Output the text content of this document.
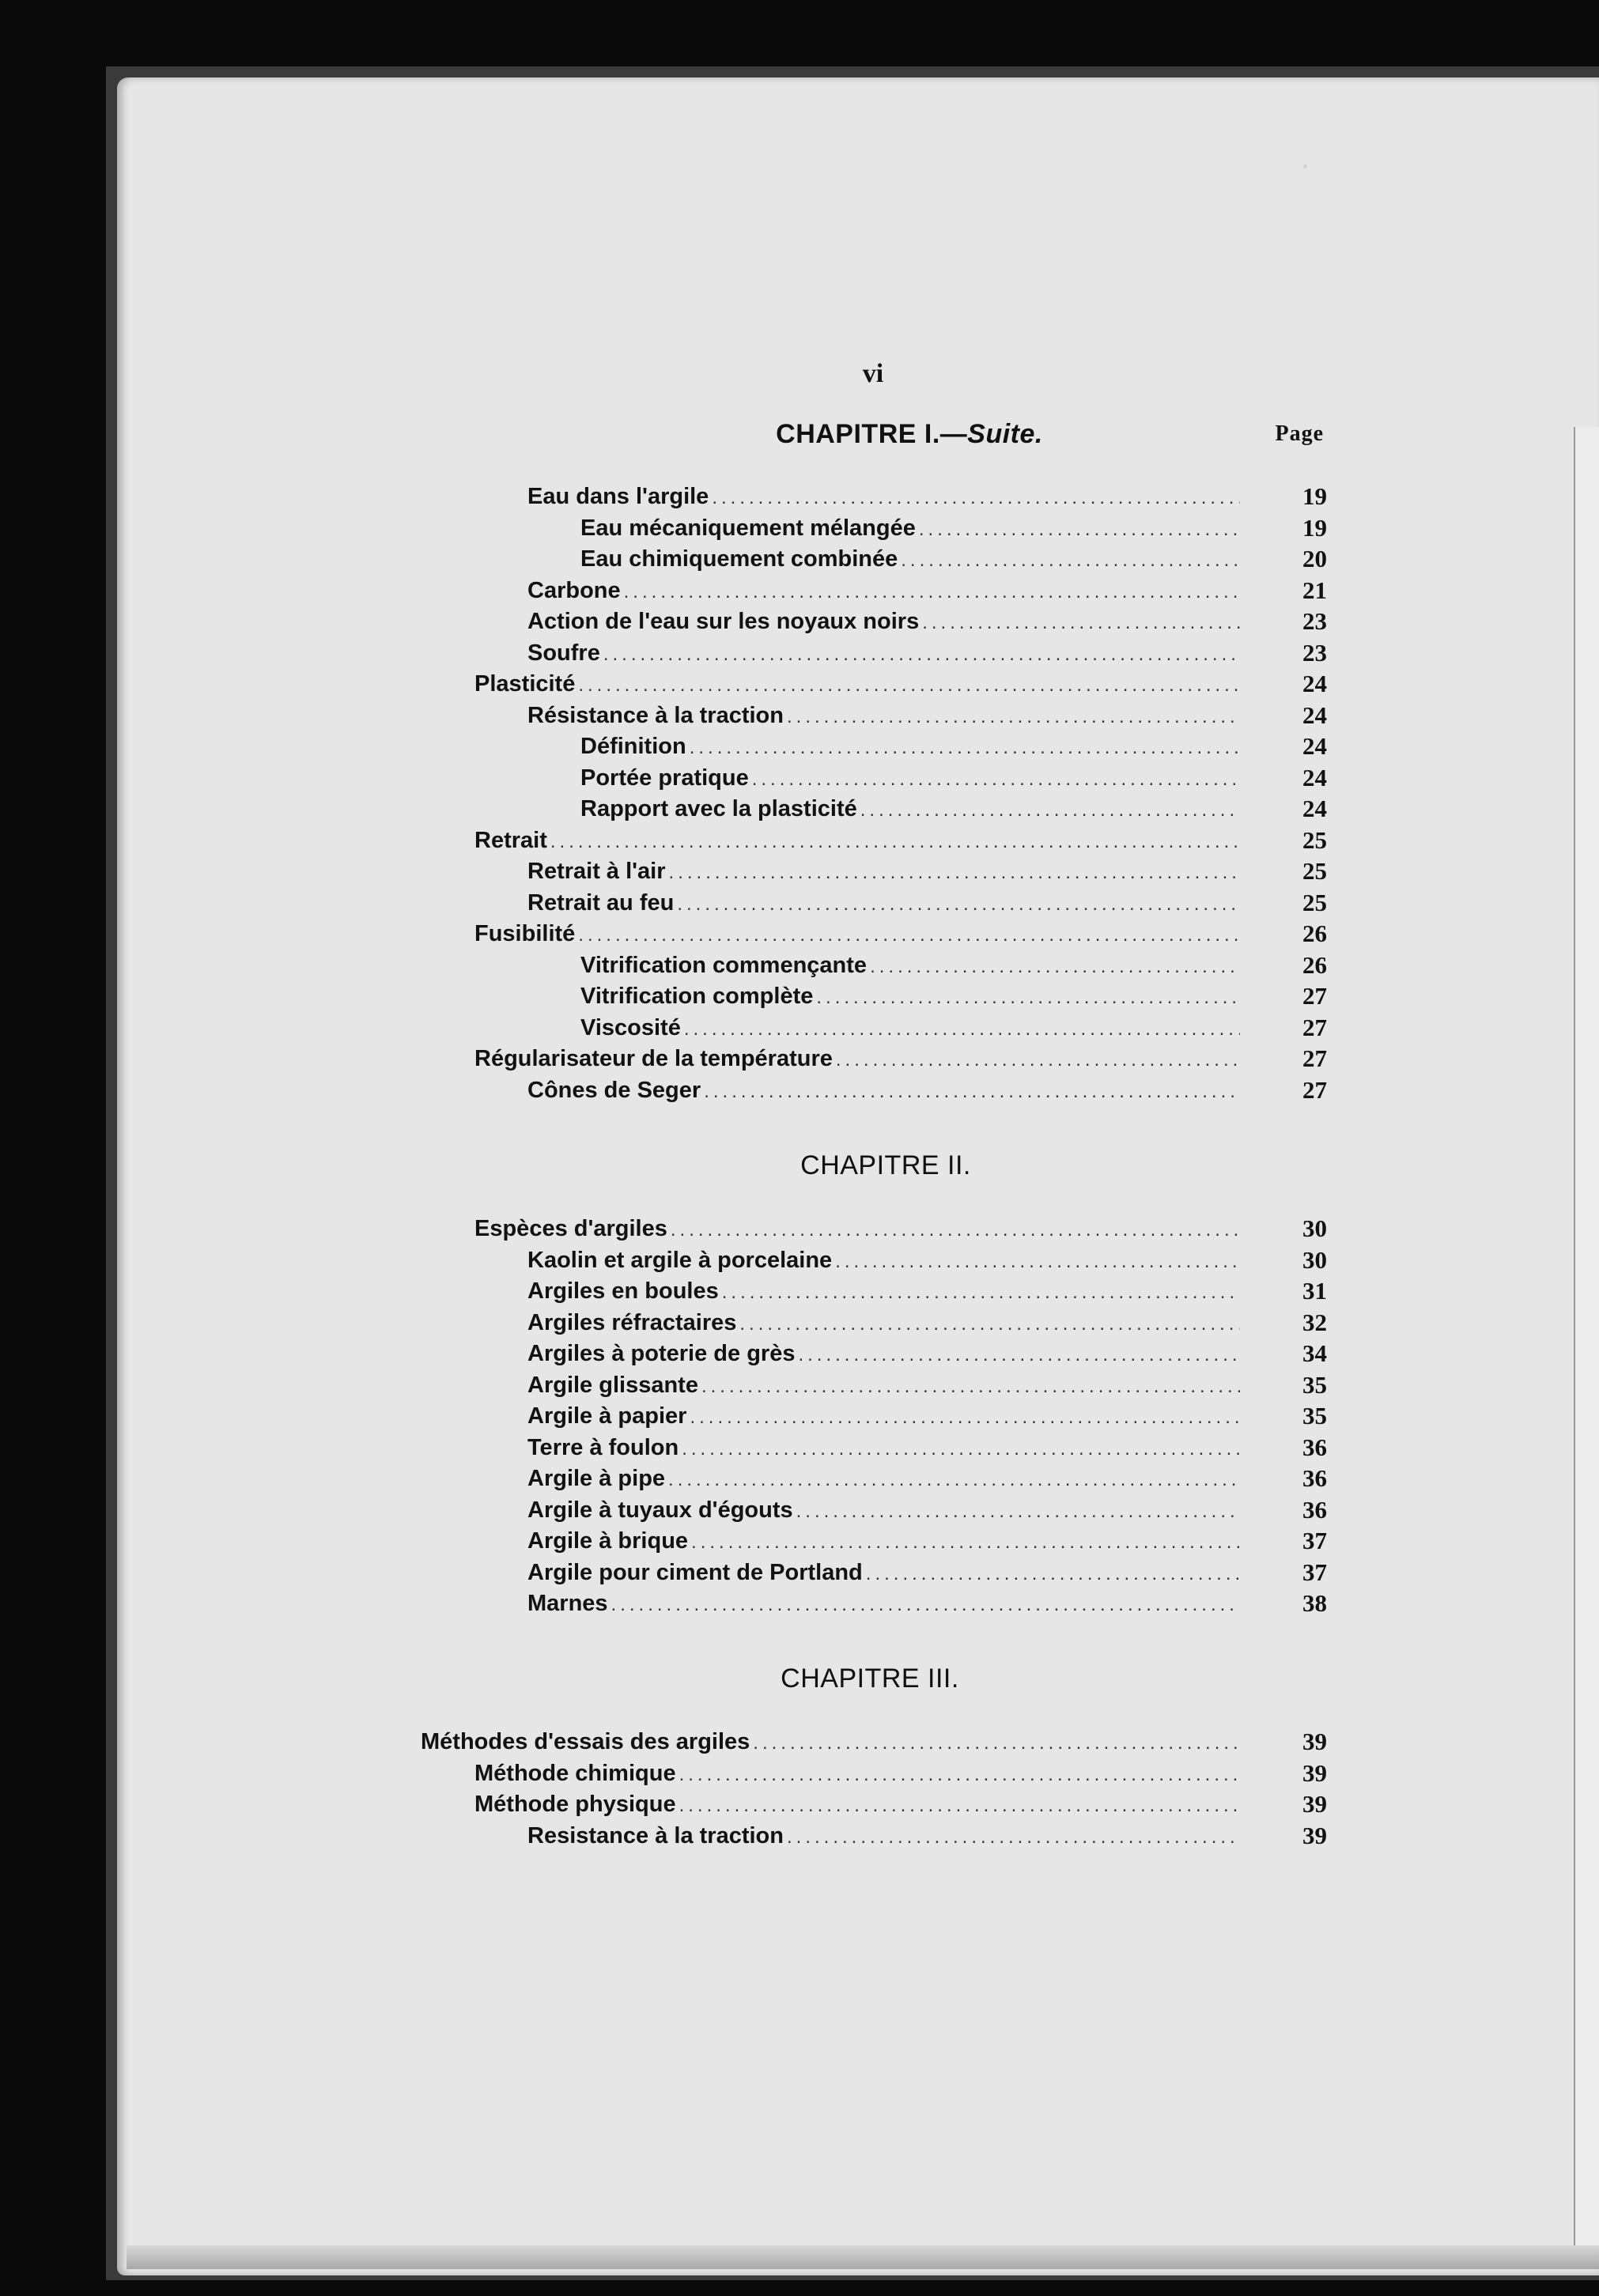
vi
CHAPITRE I.—Suite.	Page
CHAPITRE II.
CHAPITRE III.
Eau dans l'argile .....	19
Eau mécaniquement mélangée .....	19
Eau chimiquement combinée .....	20
Carbone .....	21
Action de l'eau sur les noyaux noirs .....	23
Soufre .....	23
Plasticité .....	24
Résistance à la traction .....	24
Définition .....	24
Portée pratique .....	24
Rapport avec la plasticité .....	24
Retrait .....	25
Retrait à l'air .....	25
Retrait au feu .....	25
Fusibilité .....	26
Vitrification commençante .....	26
Vitrification complète .....	27
Viscosité .....	27
Régularisateur de la température .....	27
Cônes de Seger .....	27
Espèces d'argiles .....	30
Kaolin et argile à porcelaine .....	30
Argiles en boules .....	31
Argiles réfractaires .....	32
Argiles à poterie de grès .....	34
Argile glissante .....	35
Argile à papier .....	35
Terre à foulon .....	36
Argile à pipe .....	36
Argile à tuyaux d'égouts .....	36
Argile à brique .....	37
Argile pour ciment de Portland .....	37
Marnes .....	38
Méthodes d'essais des argiles .....	39
Méthode chimique .....	39
Méthode physique .....	39
Resistance à la traction .....	39
